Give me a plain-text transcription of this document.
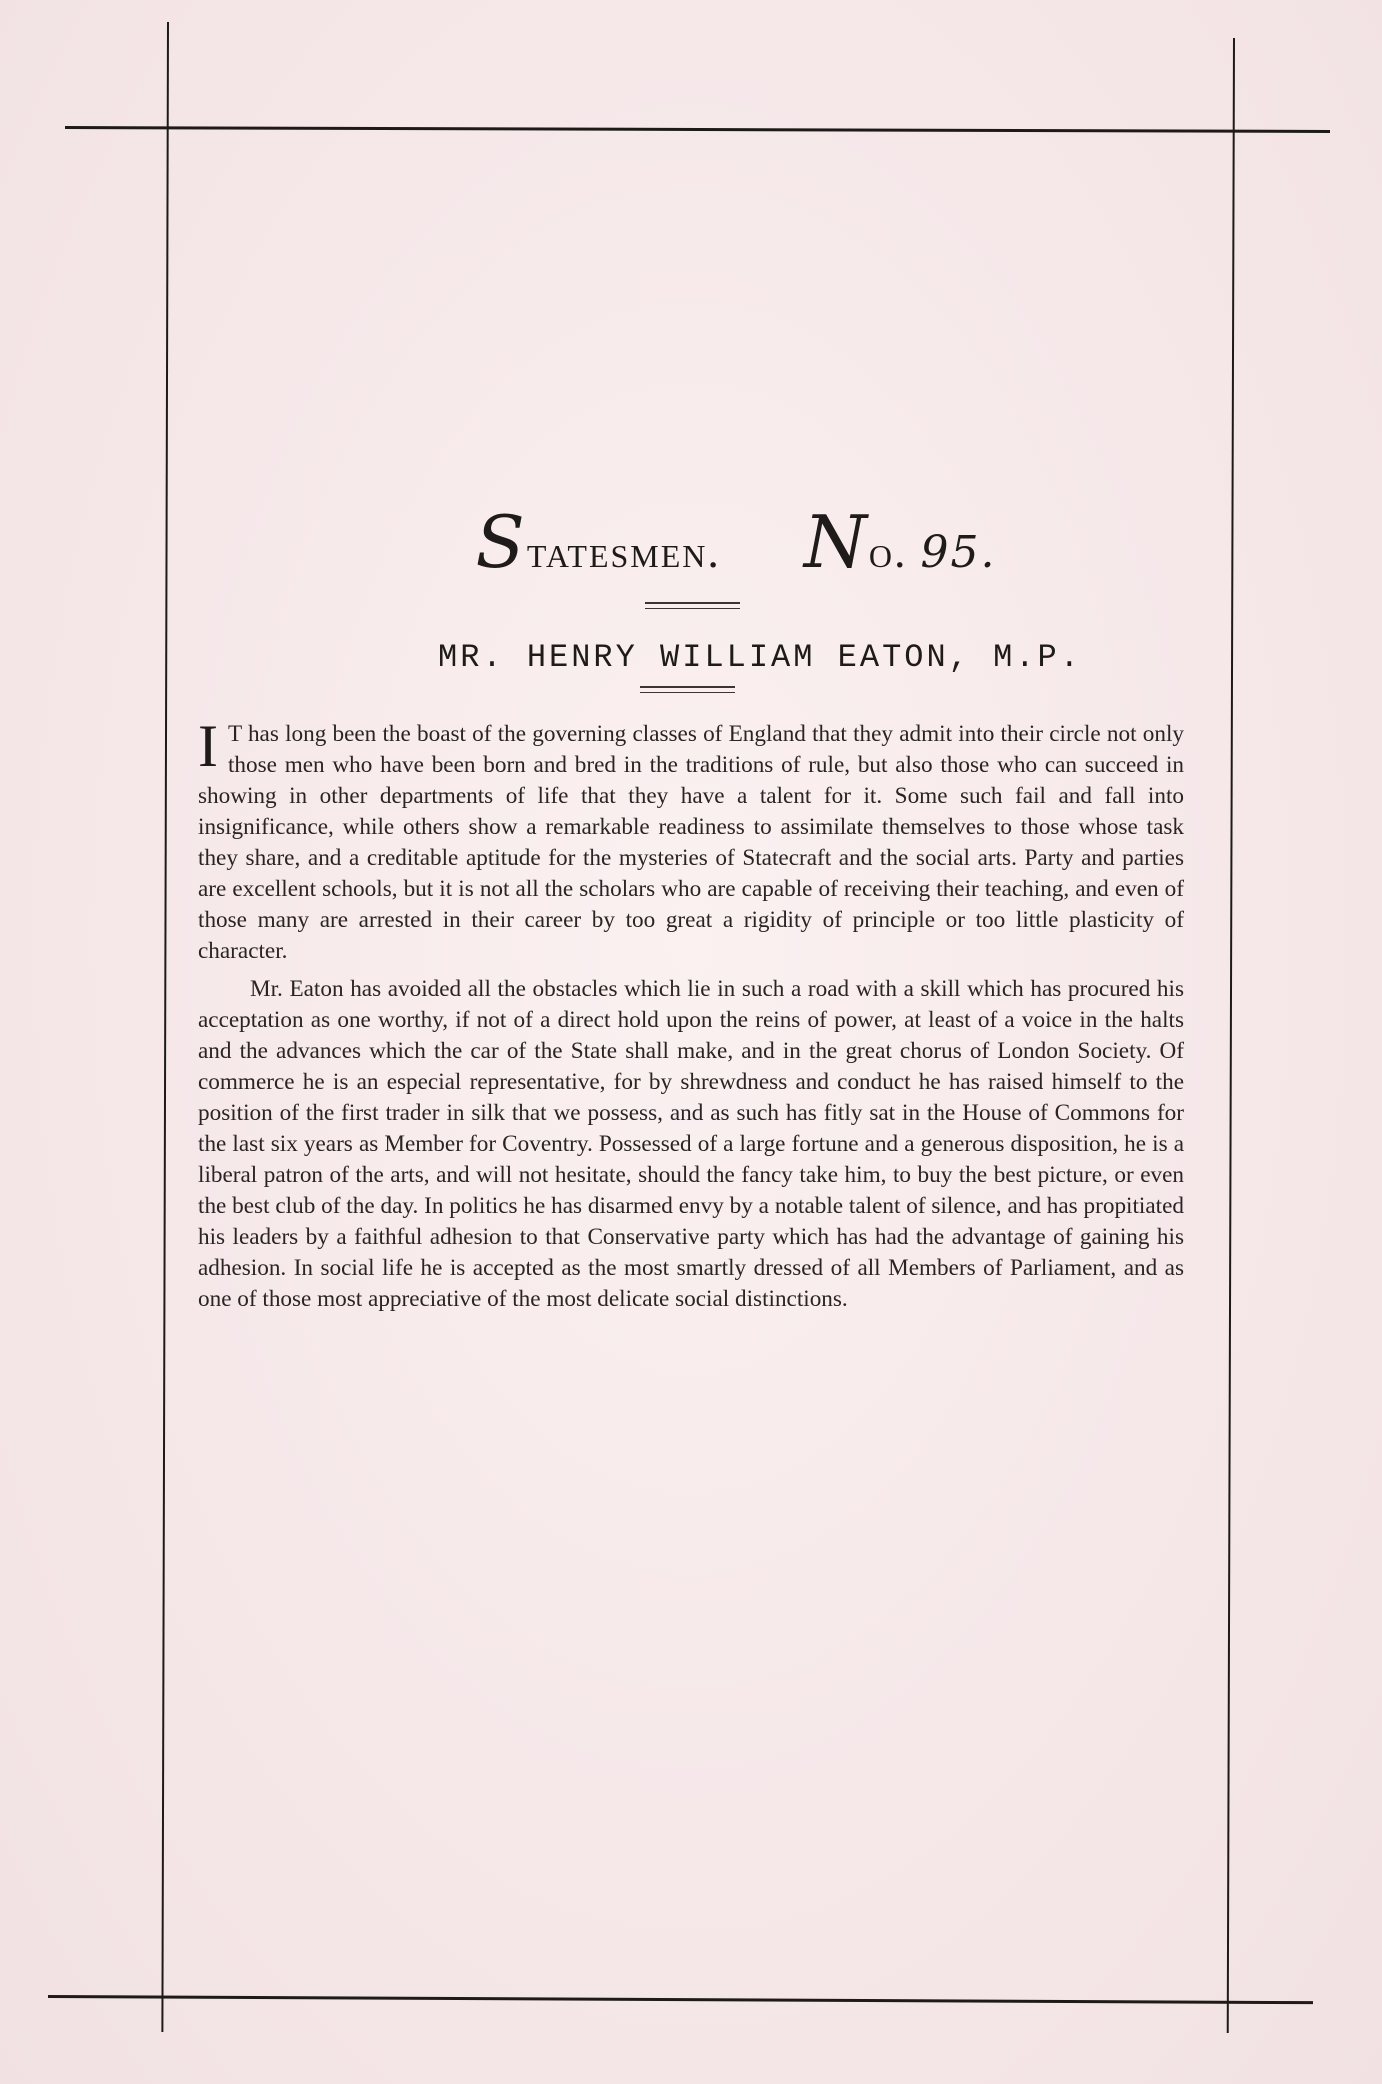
Statesmen. No. 95.
MR. HENRY WILLIAM EATON, M.P.

I T has long been the boast of the governing classes of England that they admit into their circle not only those men who have been born and bred in the traditions of rule, but also those who can succeed in showing in other departments of life that they have a talent for it. Some such fail and fall into insignificance, while others show a remarkable readiness to assimilate themselves to those whose task they share, and a creditable aptitude for the mysteries of Statecraft and the social arts. Party and parties are excellent schools, but it is not all the scholars who are capable of receiving their teaching, and even of those many are arrested in their career by too great a rigidity of principle or too little plasticity of character.

Mr. Eaton has avoided all the obstacles which lie in such a road with a skill which has procured his acceptation as one worthy, if not of a direct hold upon the reins of power, at least of a voice in the halts and the advances which the car of the State shall make, and in the great chorus of London Society. Of commerce he is an especial representative, for by shrewdness and conduct he has raised himself to the position of the first trader in silk that we possess, and as such has fitly sat in the House of Commons for the last six years as Member for Coventry. Possessed of a large fortune and a generous disposition, he is a liberal patron of the arts, and will not hesitate, should the fancy take him, to buy the best picture, or even the best club of the day. In politics he has disarmed envy by a notable talent of silence, and has propitiated his leaders by a faithful adhesion to that Conservative party which has had the advantage of gaining his adhesion. In social life he is accepted as the most smartly dressed of all Members of Parliament, and as one of those most appreciative of the most delicate social distinctions.
